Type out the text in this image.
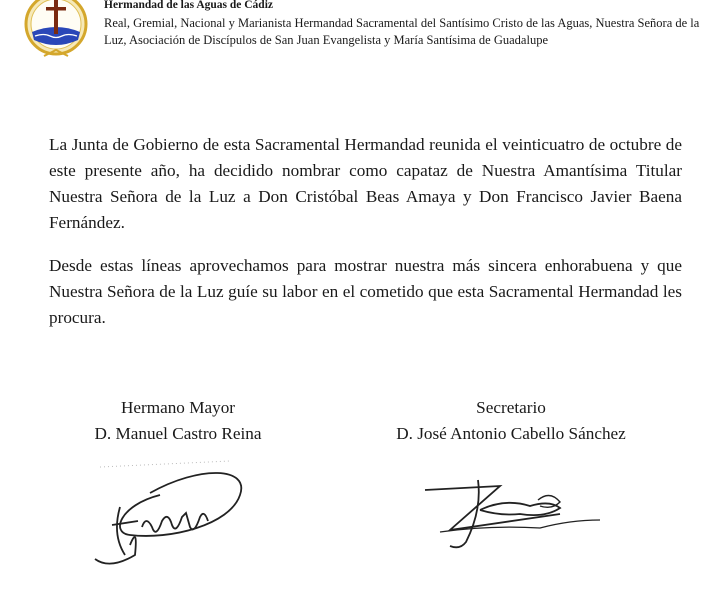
Hermandad de las Aguas de Cádiz
Real, Gremial, Nacional y Marianista Hermandad Sacramental del Santísimo Cristo de las Aguas, Nuestra Señora de la Luz, Asociación de Discípulos de San Juan Evangelista y María Santísima de Guadalupe

La Junta de Gobierno de esta Sacramental Hermandad reunida el veinticuatro de octubre de este presente año, ha decidido nombrar como capataz de Nuestra Amantísima Titular Nuestra Señora de la Luz a Don Cristóbal Beas Amaya y Don Francisco Javier Baena Fernández.

Desde estas líneas aprovechamos para mostrar nuestra más sincera enhorabuena y que Nuestra Señora de la Luz guíe su labor en el cometido que esta Sacramental Hermandad les procura.

Hermano Mayor
D. Manuel Castro Reina
Secretario
D. José Antonio Cabello Sánchez
